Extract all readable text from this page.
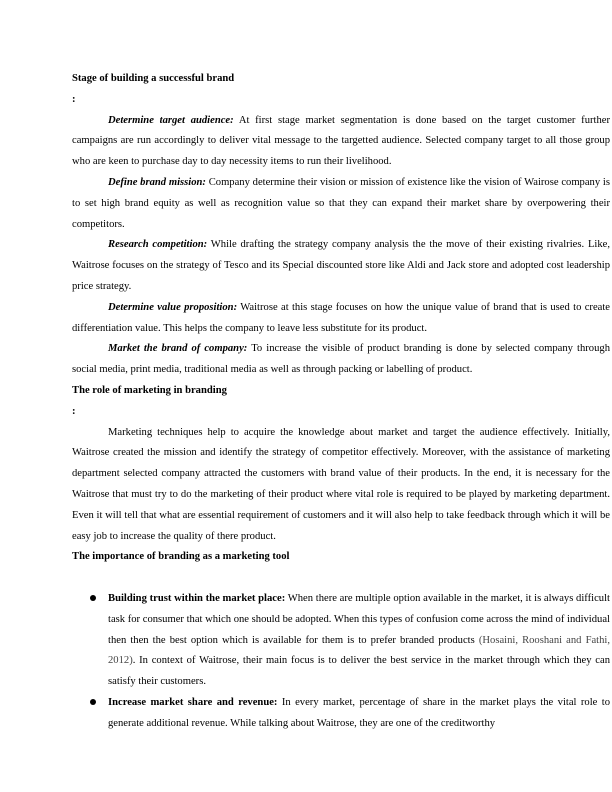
Stage of building a successful brand

:

Determine target audience: At first stage market segmentation is done based on the target customer further campaigns are run accordingly to deliver vital message to the targetted audience. Selected company target to all those group who are keen to purchase day to day necessity items to run their livelihood.

Define brand mission: Company determine their vision or mission of existence like the vision of Wairose company is to set high brand equity as well as recognition value so that they can expand their market share by overpowering their competitors.

Research competition: While drafting the strategy company analysis the the move of their existing rivalries. Like, Waitrose focuses on the strategy of Tesco and its Special discounted store like Aldi and Jack store and adopted cost leadership price strategy.

Determine value proposition: Waitrose at this stage focuses on how the unique value of brand that is used to create differentiation value. This helps the company to leave less substitute for its product.

Market the brand of company: To increase the visible of product branding is done by selected company through social media, print media, traditional media as well as through packing or labelling of product.

The role of marketing in branding

:

Marketing techniques help to acquire the knowledge about market and target the audience effectively. Initially, Waitrose created the mission and identify the strategy of competitor effectively. Moreover, with the assistance of marketing department selected company attracted the customers with brand value of their products. In the end, it is necessary for the Waitrose that must try to do the marketing of their product where vital role is required to be played by marketing department. Even it will tell that what are essential requirement of customers and it will also help to take feedback through which it will be easy job to increase the quality of there product.

The importance of branding as a marketing tool

Building trust within the market place: When there are multiple option available in the market, it is always difficult task for consumer that which one should be adopted. When this types of confusion come across the mind of individual then then the best option which is available for them is to prefer branded products (Hosaini, Rooshani and Fathi, 2012). In context of Waitrose, their main focus is to deliver the best service in the market through which they can satisfy their customers.

Increase market share and revenue: In every market, percentage of share in the market plays the vital role to generate additional revenue. While talking about Waitrose, they are one of the creditworthy
